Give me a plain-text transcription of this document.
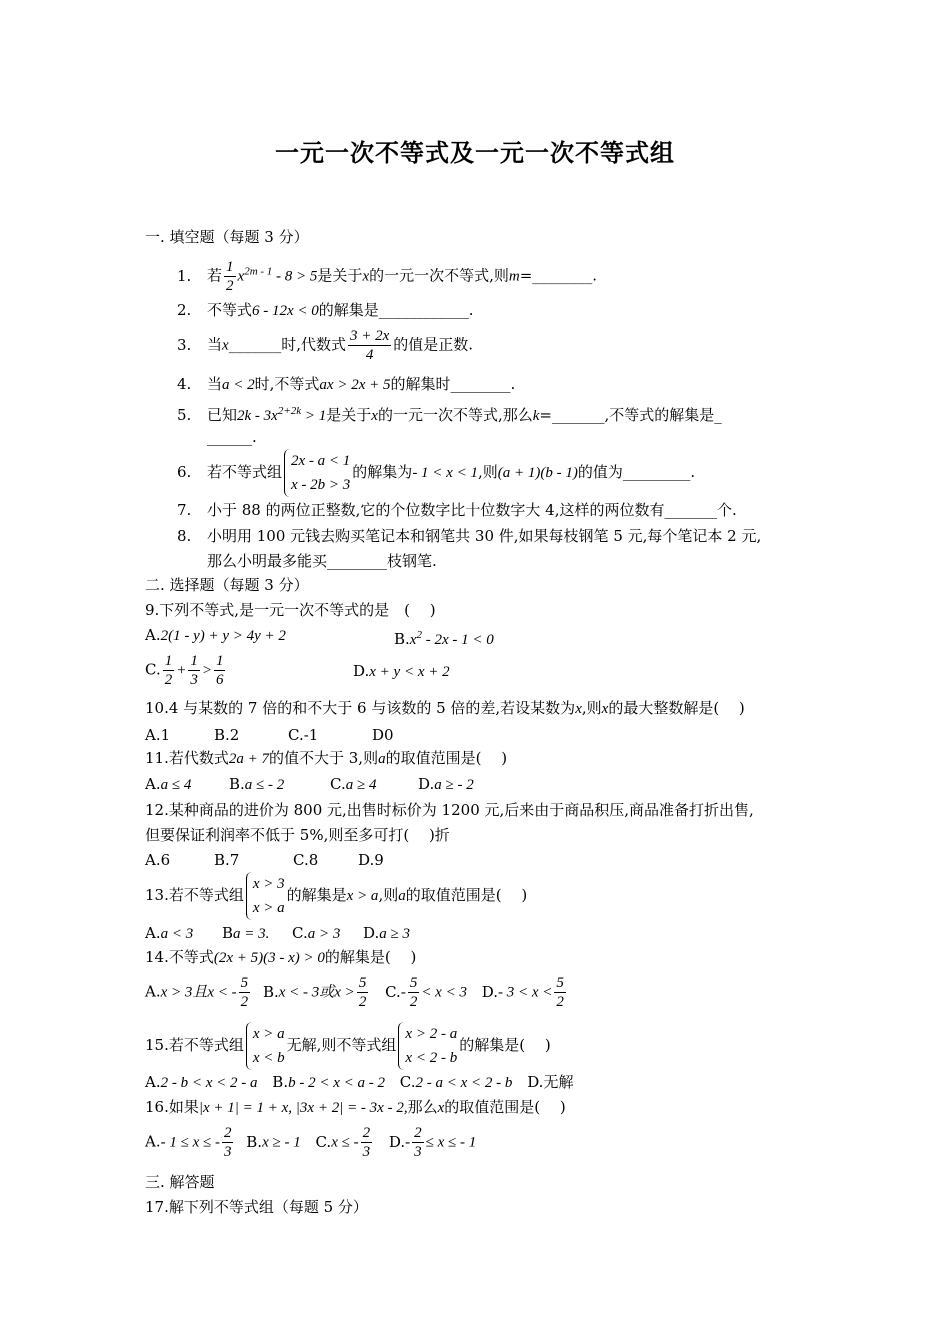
一元一次不等式及一元一次不等式组
一. 填空题（每题 3 分）
1. 若 $\frac{1}{2} x^{2m - 1} - 8 > 5$是关于x的一元一次不等式,则m=________.
2. 不等式6 - 12x < 0的解集是____________.
3. 当x_______时,代数式 $\frac{3 + 2x}{4}$ 的值是正数.
4. 当a < 2时,不等式ax > 2x + 5的解集时________.
5. 已知$2k - 3x^{2+2k} > 1$是关于x的一元一次不等式,那么k=_______,不等式的解集是_
______.
6. 若不等式组
2x - a < 1
x - 2b > 3
的解集为- 1 < x < 1,则(a + 1)(b - 1)的值为_________.
7. 小于 88 的两位正整数,它的个位数字比十位数字大 4,这样的两位数有_______个.
8. 小明用 100 元钱去购买笔记本和钢笔共 30 件,如果每枝钢笔 5 元,每个笔记本 2 元,
那么小明最多能买________枝钢笔.
二. 选择题（每题 3 分）
9.下列不等式,是一元一次不等式的是　(　 )
A.2(1 - y) + y > 4y + 2	$B.x^2 - 2x - 1 < 0$
C. $\frac{1}{2} + \frac{1}{3} > \frac{1}{6}$	D.x + y < x + 2
10.4 与某数的 7 倍的和不大于 6 与该数的 5 倍的差,若设某数为x,则x的最大整数解是(　 )
A.1	B.2	C.-1	D0
11.若代数式2a + 7的值不大于 3,则a的取值范围是(　 )
A.a ≤ 4	B.a ≤ - 2	C.a ≥ 4	D.a ≥ - 2
12.某种商品的进价为 800 元,出售时标价为 1200 元,后来由于商品积压,商品准备打折出售,
但要保证利润率不低于 5%,则至多可打(　 )折
A.6	B.7	C.8	D.9
13.若不等式组
x > 3
x > a
的解集是x > a,则a的取值范围是(　 )
A.a < 3 Ba = 3. C.a > 3 D.a ≥ 3
14.不等式(2x + 5)(3 - x) > 0的解集是(　 )
A.x > 3且x < - $\frac{5}{2} B.x$ < - 3或$x > \frac{5}{2} C.- \frac{5}{2} < x < 3$ D.- $3 < x < \frac{5}{2}$
15.若不等式组
x > a
x < b
无解,则不等式组
x > 2 - a
x < 2 - b
的解集是(　 )
A.2 - b < x < 2 - a B.b - 2 < x < a - 2 C.2 - a < x < 2 - b D.无解
16.如果|x + 1| = 1 + x, |3x + 2| = - 3x - 2,那么x的取值范围是(　 )
A.- 1 ≤ x ≤ - $\frac{2}{3} B.x$ ≥ - 1 C.x ≤ - $\frac{2}{3} D.- \frac{2}{3} \le x$ ≤ - 1
三. 解答题
17.解下列不等式组（每题 5 分）
